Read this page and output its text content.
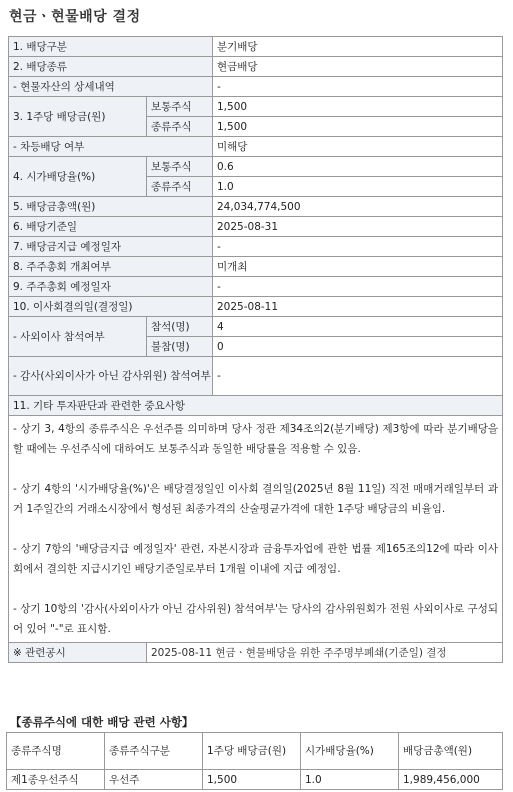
현금ㆍ현물배당 결정
1. 배당구분		분기배당
2. 배당종류		현금배당
- 현물자산의 상세내역		-
3. 1주당 배당금(원)	보통주식	1,500
	종류주식	1,500
- 차등배당 여부		미해당
4. 시가배당율(%)	보통주식	0.6
	종류주식	1.0
5. 배당금총액(원)		24,034,774,500
6. 배당기준일		2025-08-31
7. 배당금지급 예정일자		-
8. 주주총회 개최여부		미개최
9. 주주총회 예정일자		-
10. 이사회결의일(결정일)		2025-08-11
- 사외이사 참석여부	참석(명)	4
	불참(명)	0
- 감사(사외이사가 아닌 감사위원) 참석여부		-
11. 기타 투자판단과 관련한 중요사항		

- 상기 3, 4항의 종류주식은 우선주를 의미하며 당사 정관 제34조의2(분기배당) 제3항에 따라 분기배당을 할 때에는 우선주식에 대하여도 보통주식과 동일한 배당률을 적용할 수 있음.

- 상기 4항의 '시가배당율(%)'은 배당결정일인 이사회 결의일(2025년 8월 11일) 직전 매매거래일부터 과거 1주일간의 거래소시장에서 형성된 최종가격의 산술평균가격에 대한 1주당 배당금의 비율임.

- 상기 7항의 '배당금지급 예정일자' 관련, 자본시장과 금융투자업에 관한 법률 제165조의12에 따라 이사회에서 결의한 지급시기인 배당기준일로부터 1개월 이내에 지급 예정임.

- 상기 10항의 '감사(사외이사가 아닌 감사위원) 참석여부'는 당사의 감사위원회가 전원 사외이사로 구성되어 있어 "-"로 표시함.		

※ 관련공시	2025-08-11 현금ㆍ현물배당을 위한 주주명부폐쇄(기준일) 결정	
【종류주식에 대한 배당 관련 사항】
종류주식명	종류주식구분	1주당 배당금(원)	시가배당율(%)	배당금총액(원)
제1종우선주식	우선주	1,500	1.0	1,989,456,000
